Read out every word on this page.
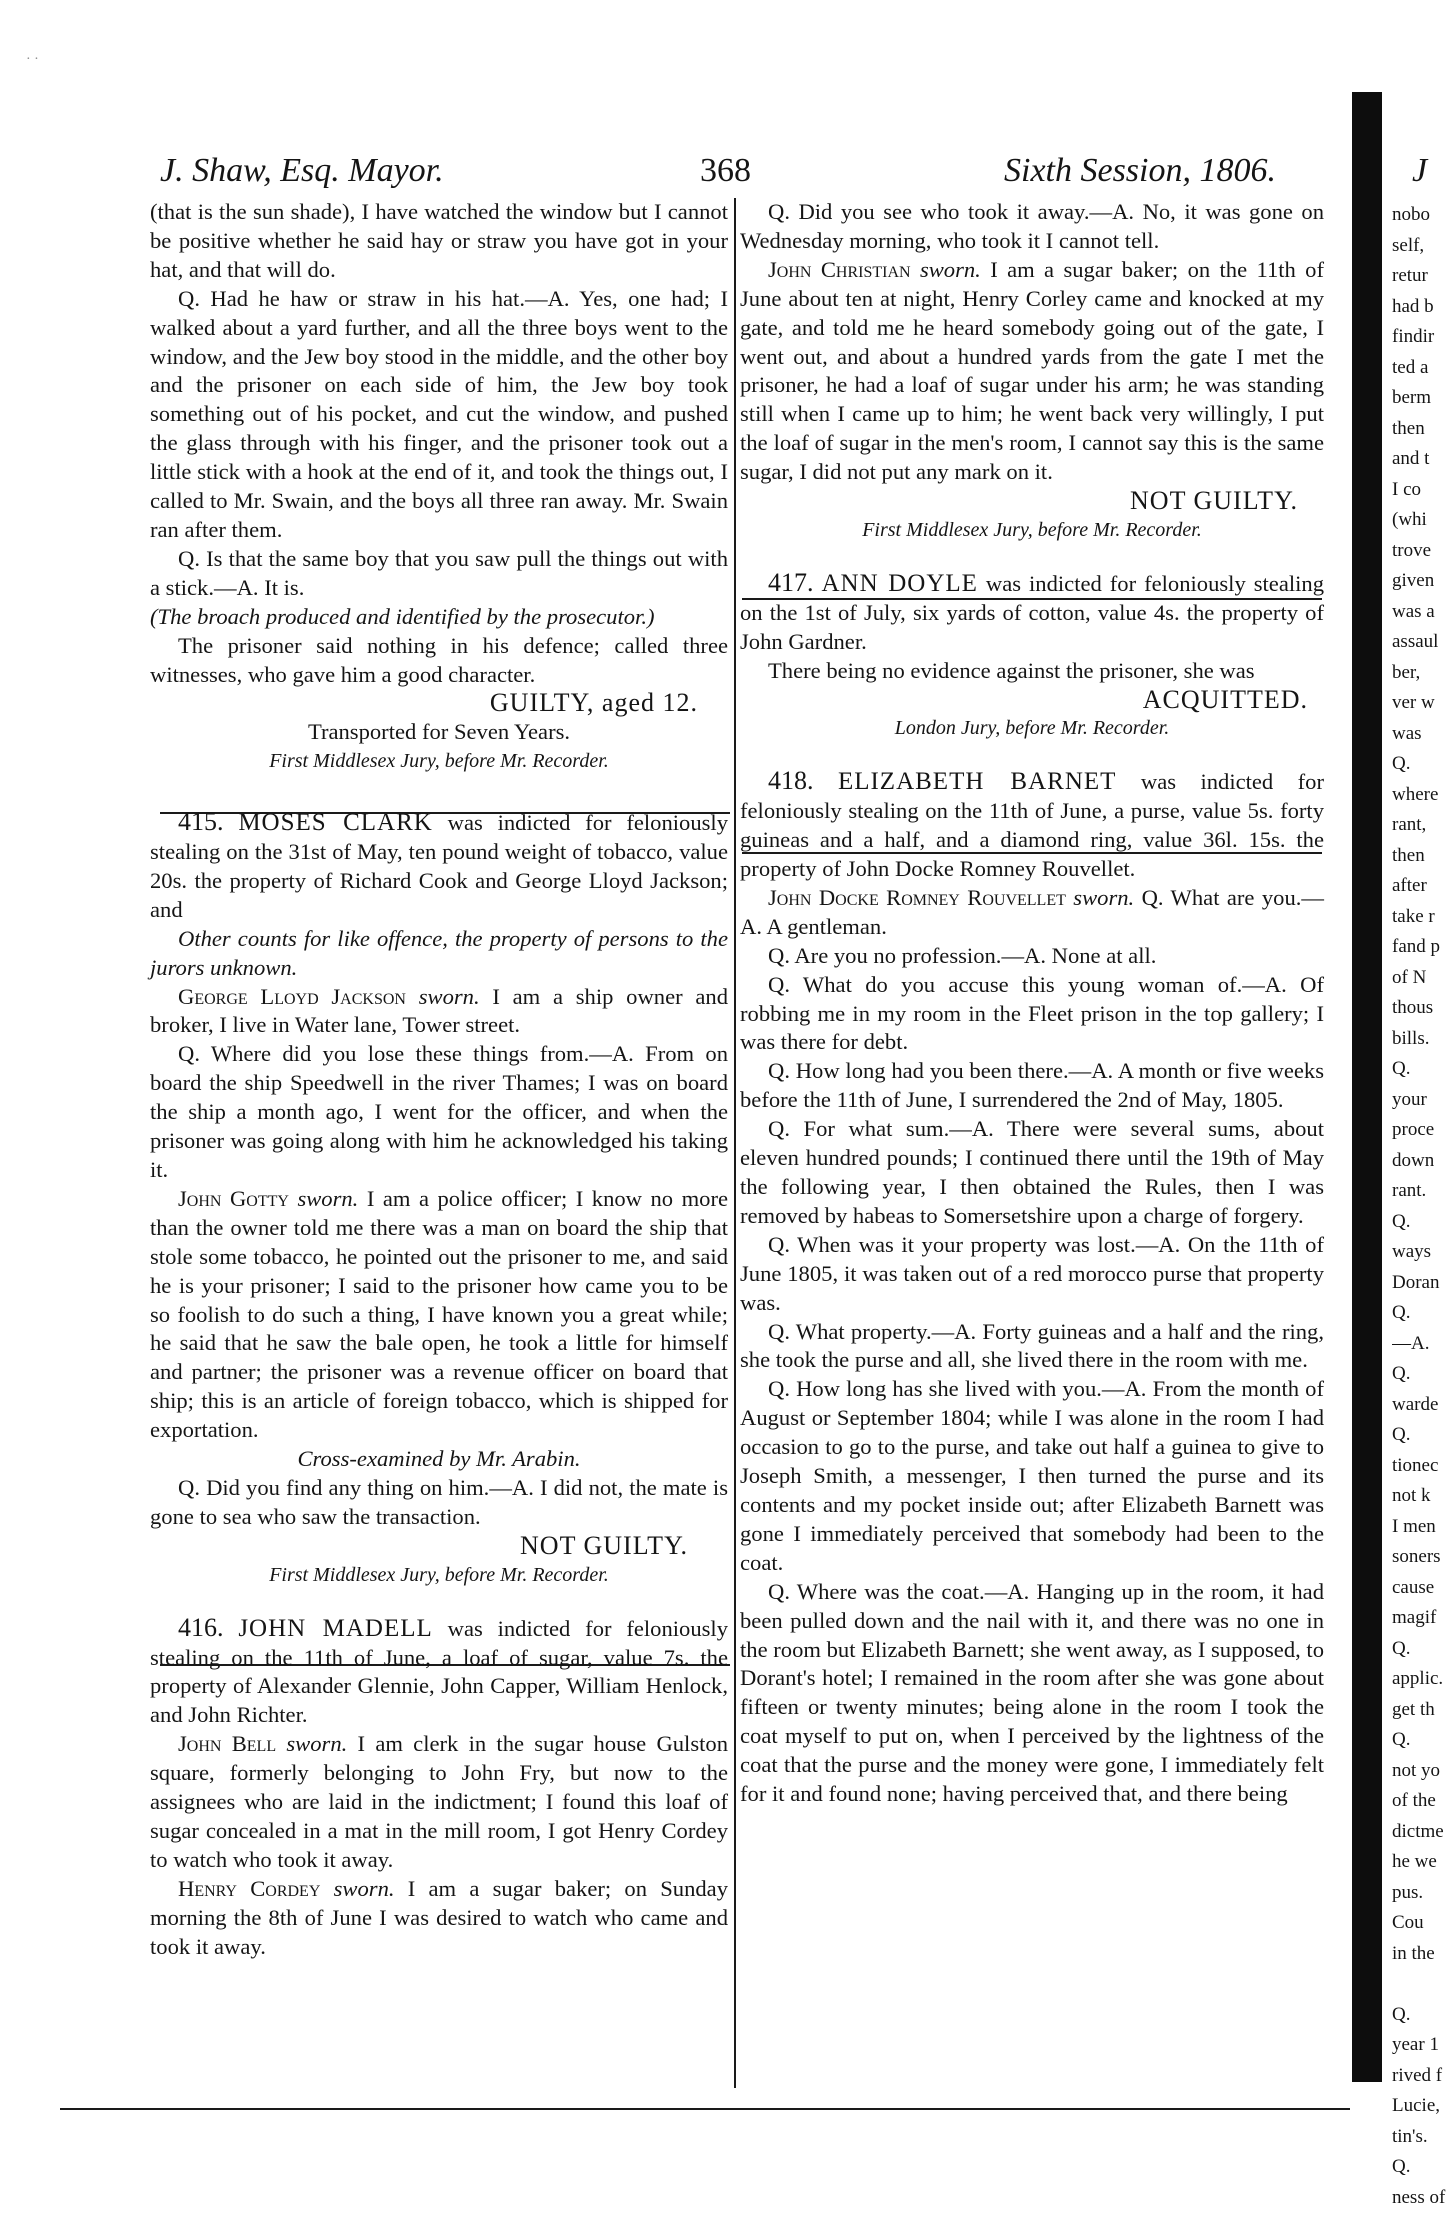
· ·
J. Shaw, Esq. Mayor.	368	Sixth Session, 1806.	J

(that is the sun shade), I have watched the window but I cannot be positive whether he said hay or straw you have got in your hat, and that will do.

Q. Had he haw or straw in his hat.—A. Yes, one had; I walked about a yard further, and all the three boys went to the window, and the Jew boy stood in the middle, and the other boy and the prisoner on each side of him, the Jew boy took something out of his pocket, and cut the window, and pushed the glass through with his finger, and the prisoner took out a little stick with a hook at the end of it, and took the things out, I called to Mr. Swain, and the boys all three ran away. Mr. Swain ran after them.

Q. Is that the same boy that you saw pull the things out with a stick.—A. It is.

(The broach produced and identified by the prosecutor.)

The prisoner said nothing in his defence; called three witnesses, who gave him a good character.

GUILTY, aged 12.

Transported for Seven Years.

First Middlesex Jury, before Mr. Recorder.

415. MOSES CLARK was indicted for feloniously stealing on the 31st of May, ten pound weight of tobacco, value 20s. the property of Richard Cook and George Lloyd Jackson; and

Other counts for like offence, the property of persons to the jurors unknown.

George Lloyd Jackson sworn. I am a ship owner and broker, I live in Water lane, Tower street.

Q. Where did you lose these things from.—A. From on board the ship Speedwell in the river Thames; I was on board the ship a month ago, I went for the officer, and when the prisoner was going along with him he acknowledged his taking it.

John Gotty sworn. I am a police officer; I know no more than the owner told me there was a man on board the ship that stole some tobacco, he pointed out the prisoner to me, and said he is your prisoner; I said to the prisoner how came you to be so foolish to do such a thing, I have known you a great while; he said that he saw the bale open, he took a little for himself and partner; the prisoner was a revenue officer on board that ship; this is an article of foreign tobacco, which is shipped for exportation.

Cross-examined by Mr. Arabin.

Q. Did you find any thing on him.—A. I did not, the mate is gone to sea who saw the transaction.

NOT GUILTY.

First Middlesex Jury, before Mr. Recorder.

416. JOHN MADELL was indicted for feloniously stealing on the 11th of June, a loaf of sugar, value 7s. the property of Alexander Glennie, John Capper, William Henlock, and John Richter.

John Bell sworn. I am clerk in the sugar house Gulston square, formerly belonging to John Fry, but now to the assignees who are laid in the indictment; I found this loaf of sugar concealed in a mat in the mill room, I got Henry Cordey to watch who took it away.

Henry Cordey sworn. I am a sugar baker; on Sunday morning the 8th of June I was desired to watch who came and took it away.

Q. Did you see who took it away.—A. No, it was gone on Wednesday morning, who took it I cannot tell.

John Christian sworn. I am a sugar baker; on the 11th of June about ten at night, Henry Corley came and knocked at my gate, and told me he heard somebody going out of the gate, I went out, and about a hundred yards from the gate I met the prisoner, he had a loaf of sugar under his arm; he was standing still when I came up to him; he went back very willingly, I put the loaf of sugar in the men's room, I cannot say this is the same sugar, I did not put any mark on it.

NOT GUILTY.

First Middlesex Jury, before Mr. Recorder.

417. ANN DOYLE was indicted for feloniously stealing on the 1st of July, six yards of cotton, value 4s. the property of John Gardner.

There being no evidence against the prisoner, she was

ACQUITTED.

London Jury, before Mr. Recorder.

418. ELIZABETH BARNET was indicted for feloniously stealing on the 11th of June, a purse, value 5s. forty guineas and a half, and a diamond ring, value 36l. 15s. the property of John Docke Romney Rouvellet.

John Docke Romney Rouvellet sworn. Q. What are you.—A. A gentleman.

Q. Are you no profession.—A. None at all.

Q. What do you accuse this young woman of.—A. Of robbing me in my room in the Fleet prison in the top gallery; I was there for debt.

Q. How long had you been there.—A. A month or five weeks before the 11th of June, I surrendered the 2nd of May, 1805.

Q. For what sum.—A. There were several sums, about eleven hundred pounds; I continued there until the 19th of May the following year, I then obtained the Rules, then I was removed by habeas to Somersetshire upon a charge of forgery.

Q. When was it your property was lost.—A. On the 11th of June 1805, it was taken out of a red morocco purse that property was.

Q. What property.—A. Forty guineas and a half and the ring, she took the purse and all, she lived there in the room with me.

Q. How long has she lived with you.—A. From the month of August or September 1804; while I was alone in the room I had occasion to go to the purse, and take out half a guinea to give to Joseph Smith, a messenger, I then turned the purse and its contents and my pocket inside out; after Elizabeth Barnett was gone I immediately perceived that somebody had been to the coat.

Q. Where was the coat.—A. Hanging up in the room, it had been pulled down and the nail with it, and there was no one in the room but Elizabeth Barnett; she went away, as I supposed, to Dorant's hotel; I remained in the room after she was gone about fifteen or twenty minutes; being alone in the room I took the coat myself to put on, when I perceived by the lightness of the coat that the purse and the money were gone, I immediately felt for it and found none; having perceived that, and there being

nobo
self,
retur
had b
findir
ted a
berm
then
and t
I co
(whi
trove
given
was a
assaul
ber,
ver w
was
Q.
where
rant,
then
after
take r
fand p
of N
thous
bills.
Q.
your
proce
down
rant.
Q.
ways
Doran
Q.
—A.
Q.
warde
Q.
tionec
not k
I men
soners
cause
magif
Q.
applic.
get th
Q.
not yo
of the
dictme
he we
pus.
Cou
in the
Q.
year 1
rived f
Lucie,
tin's.
Q.
ness of
